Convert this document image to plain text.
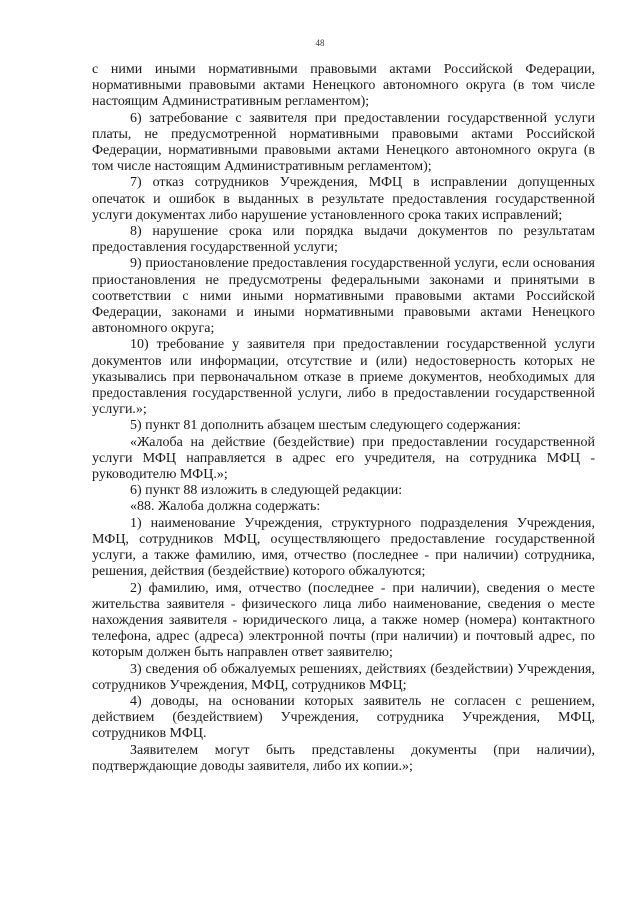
48

с ними иными нормативными правовыми актами Российской Федерации, нормативными правовыми актами Ненецкого автономного округа (в том числе настоящим Административным регламентом);

6) затребование с заявителя при предоставлении государственной услуги платы, не предусмотренной нормативными правовыми актами Российской Федерации, нормативными правовыми актами Ненецкого автономного округа (в том числе настоящим Административным регламентом);

7) отказ сотрудников Учреждения, МФЦ в исправлении допущенных опечаток и ошибок в выданных в результате предоставления государственной услуги документах либо нарушение установленного срока таких исправлений;

8) нарушение срока или порядка выдачи документов по результатам предоставления государственной услуги;

9) приостановление предоставления государственной услуги, если основания приостановления не предусмотрены федеральными законами и принятыми в соответствии с ними иными нормативными правовыми актами Российской Федерации, законами и иными нормативными правовыми актами Ненецкого автономного округа;

10) требование у заявителя при предоставлении государственной услуги документов или информации, отсутствие и (или) недостоверность которых не указывались при первоначальном отказе в приеме документов, необходимых для предоставления государственной услуги, либо в предоставлении государственной услуги.»;

5) пункт 81 дополнить абзацем шестым следующего содержания:

«Жалоба на действие (бездействие) при предоставлении государственной услуги МФЦ направляется в адрес его учредителя, на сотрудника МФЦ - руководителю МФЦ.»;

6) пункт 88 изложить в следующей редакции:

«88. Жалоба должна содержать:

1) наименование Учреждения, структурного подразделения Учреждения, МФЦ, сотрудников МФЦ, осуществляющего предоставление государственной услуги, а также фамилию, имя, отчество (последнее - при наличии) сотрудника, решения, действия (бездействие) которого обжалуются;

2) фамилию, имя, отчество (последнее - при наличии), сведения о месте жительства заявителя - физического лица либо наименование, сведения о месте нахождения заявителя - юридического лица, а также номер (номера) контактного телефона, адрес (адреса) электронной почты (при наличии) и почтовый адрес, по которым должен быть направлен ответ заявителю;

3) сведения об обжалуемых решениях, действиях (бездействии) Учреждения, сотрудников Учреждения, МФЦ, сотрудников МФЦ;

4) доводы, на основании которых заявитель не согласен с решением, действием (бездействием) Учреждения, сотрудника Учреждения, МФЦ, сотрудников МФЦ.

Заявителем могут быть представлены документы (при наличии), подтверждающие доводы заявителя, либо их копии.»;
